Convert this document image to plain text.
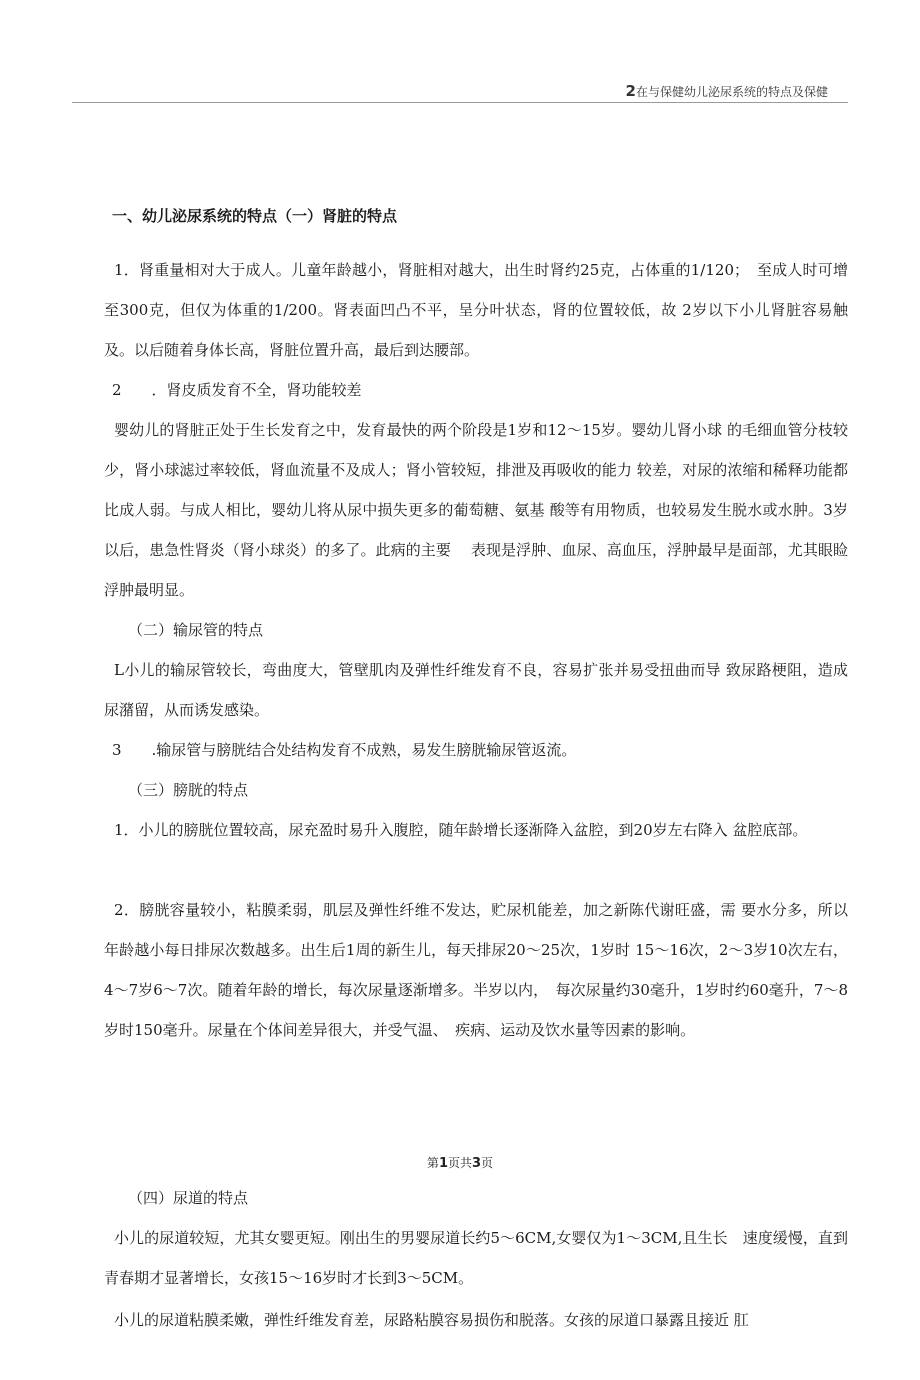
2在与保健幼儿泌尿系统的特点及保健
一、幼儿泌尿系统的特点（一）肾脏的特点

1．肾重量相对大于成人。儿童年龄越小，肾脏相对越大，出生时肾约25克，占体重的1/120；　至成人时可增至300克，但仅为体重的1/200。肾表面凹凸不平，呈分叶状态，肾的位置较低，故 2岁以下小儿肾脏容易触及。以后随着身体长高，肾脏位置升高，最后到达腰部。

2　　．肾皮质发育不全，肾功能较差

婴幼儿的肾脏正处于生长发育之中，发育最快的两个阶段是1岁和12〜15岁。婴幼儿肾小球 的毛细血管分枝较少，肾小球滤过率较低，肾血流量不及成人；肾小管较短，排泄及再吸收的能力 较差，对尿的浓缩和稀释功能都比成人弱。与成人相比，婴幼儿将从尿中损失更多的葡萄糖、氨基 酸等有用物质，也较易发生脱水或水肿。3岁以后，患急性肾炎（肾小球炎）的多了。此病的主要　 表现是浮肿、血尿、高血压，浮肿最早是面部，尤其眼睑浮肿最明显。

（二）输尿管的特点

L小儿的输尿管较长，弯曲度大，管壁肌肉及弹性纤维发育不良，容易扩张并易受扭曲而导 致尿路梗阻，造成尿潴留，从而诱发感染。

3　　.输尿管与膀胱结合处结构发育不成熟，易发生膀胱输尿管返流。
（三）膀胱的特点

1．小儿的膀胱位置较高，尿充盈时易升入腹腔，随年龄增长逐渐降入盆腔，到20岁左右降入 盆腔底部。

2．膀胱容量较小，粘膜柔弱，肌层及弹性纤维不发达，贮尿机能差，加之新陈代谢旺盛，需 要水分多，所以年龄越小每日排尿次数越多。出生后1周的新生儿，每天排尿20〜25次，1岁时 15〜16次，2〜3岁10次左右，4〜7岁6〜7次。随着年龄的增长，每次尿量逐渐增多。半岁以内，　每次尿量约30毫升，1岁时约60毫升，7〜8岁时150毫升。尿量在个体间差异很大，并受气温、　疾病、运动及饮水量等因素的影响。

第1页共3页
（四）尿道的特点

小儿的尿道较短，尤其女婴更短。刚出生的男婴尿道长约5〜6CM,女婴仅为1〜3CM,且生长　速度缓慢，直到青春期才显著增长，女孩15〜16岁时才长到3〜5CM。

小儿的尿道粘膜柔嫩，弹性纤维发育差，尿路粘膜容易损伤和脱落。女孩的尿道口暴露且接近 肛
